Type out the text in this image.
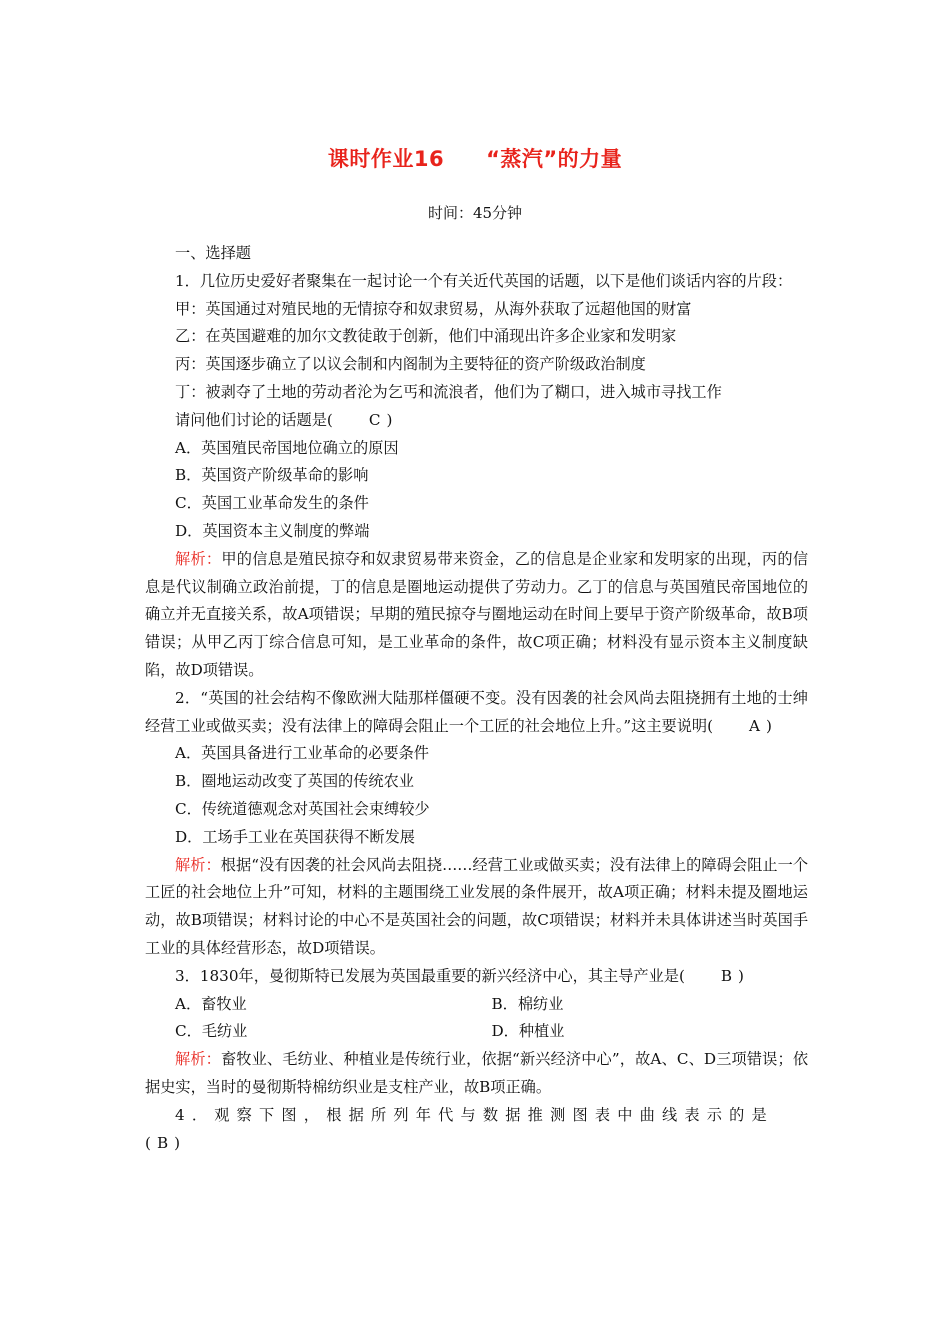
课时作业16 “蒸汽”的力量
时间：45分钟

一、选择题

1．几位历史爱好者聚集在一起讨论一个有关近代英国的话题，以下是他们谈话内容的片段：

甲：英国通过对殖民地的无情掠夺和奴隶贸易，从海外获取了远超他国的财富

乙：在英国避难的加尔文教徒敢于创新，他们中涌现出许多企业家和发明家

丙：英国逐步确立了以议会制和内阁制为主要特征的资产阶级政治制度

丁：被剥夺了土地的劳动者沦为乞丐和流浪者，他们为了糊口，进入城市寻找工作

请问他们讨论的话题是( C )

A．英国殖民帝国地位确立的原因

B．英国资产阶级革命的影响

C．英国工业革命发生的条件

D．英国资本主义制度的弊端

解析：甲的信息是殖民掠夺和奴隶贸易带来资金，乙的信息是企业家和发明家的出现，丙的信息是代议制确立政治前提，丁的信息是圈地运动提供了劳动力。乙丁的信息与英国殖民帝国地位的确立并无直接关系，故A项错误；早期的殖民掠夺与圈地运动在时间上要早于资产阶级革命，故B项错误；从甲乙丙丁综合信息可知，是工业革命的条件，故C项正确；材料没有显示资本主义制度缺陷，故D项错误。

2．“英国的社会结构不像欧洲大陆那样僵硬不变。没有因袭的社会风尚去阻挠拥有土地的士绅经营工业或做买卖；没有法律上的障碍会阻止一个工匠的社会地位上升。”这主要说明( A )

A．英国具备进行工业革命的必要条件

B．圈地运动改变了英国的传统农业

C．传统道德观念对英国社会束缚较少

D．工场手工业在英国获得不断发展

解析：根据“没有因袭的社会风尚去阻挠……经营工业或做买卖；没有法律上的障碍会阻止一个工匠的社会地位上升”可知，材料的主题围绕工业发展的条件展开，故A项正确；材料未提及圈地运动，故B项错误；材料讨论的中心不是英国社会的问题，故C项错误；材料并未具体讲述当时英国手工业的具体经营形态，故D项错误。

3．1830年，曼彻斯特已发展为英国最重要的新兴经济中心，其主导产业是( B )

A．畜牧业	B．棉纺业
C．毛纺业	D．种植业

解析：畜牧业、毛纺业、种植业是传统行业，依据“新兴经济中心”，故A、C、D三项错误；依据史实，当时的曼彻斯特棉纺织业是支柱产业，故B项正确。

4．观察下图，根据所列年代与数据推测图表中曲线表示的是

( B )
